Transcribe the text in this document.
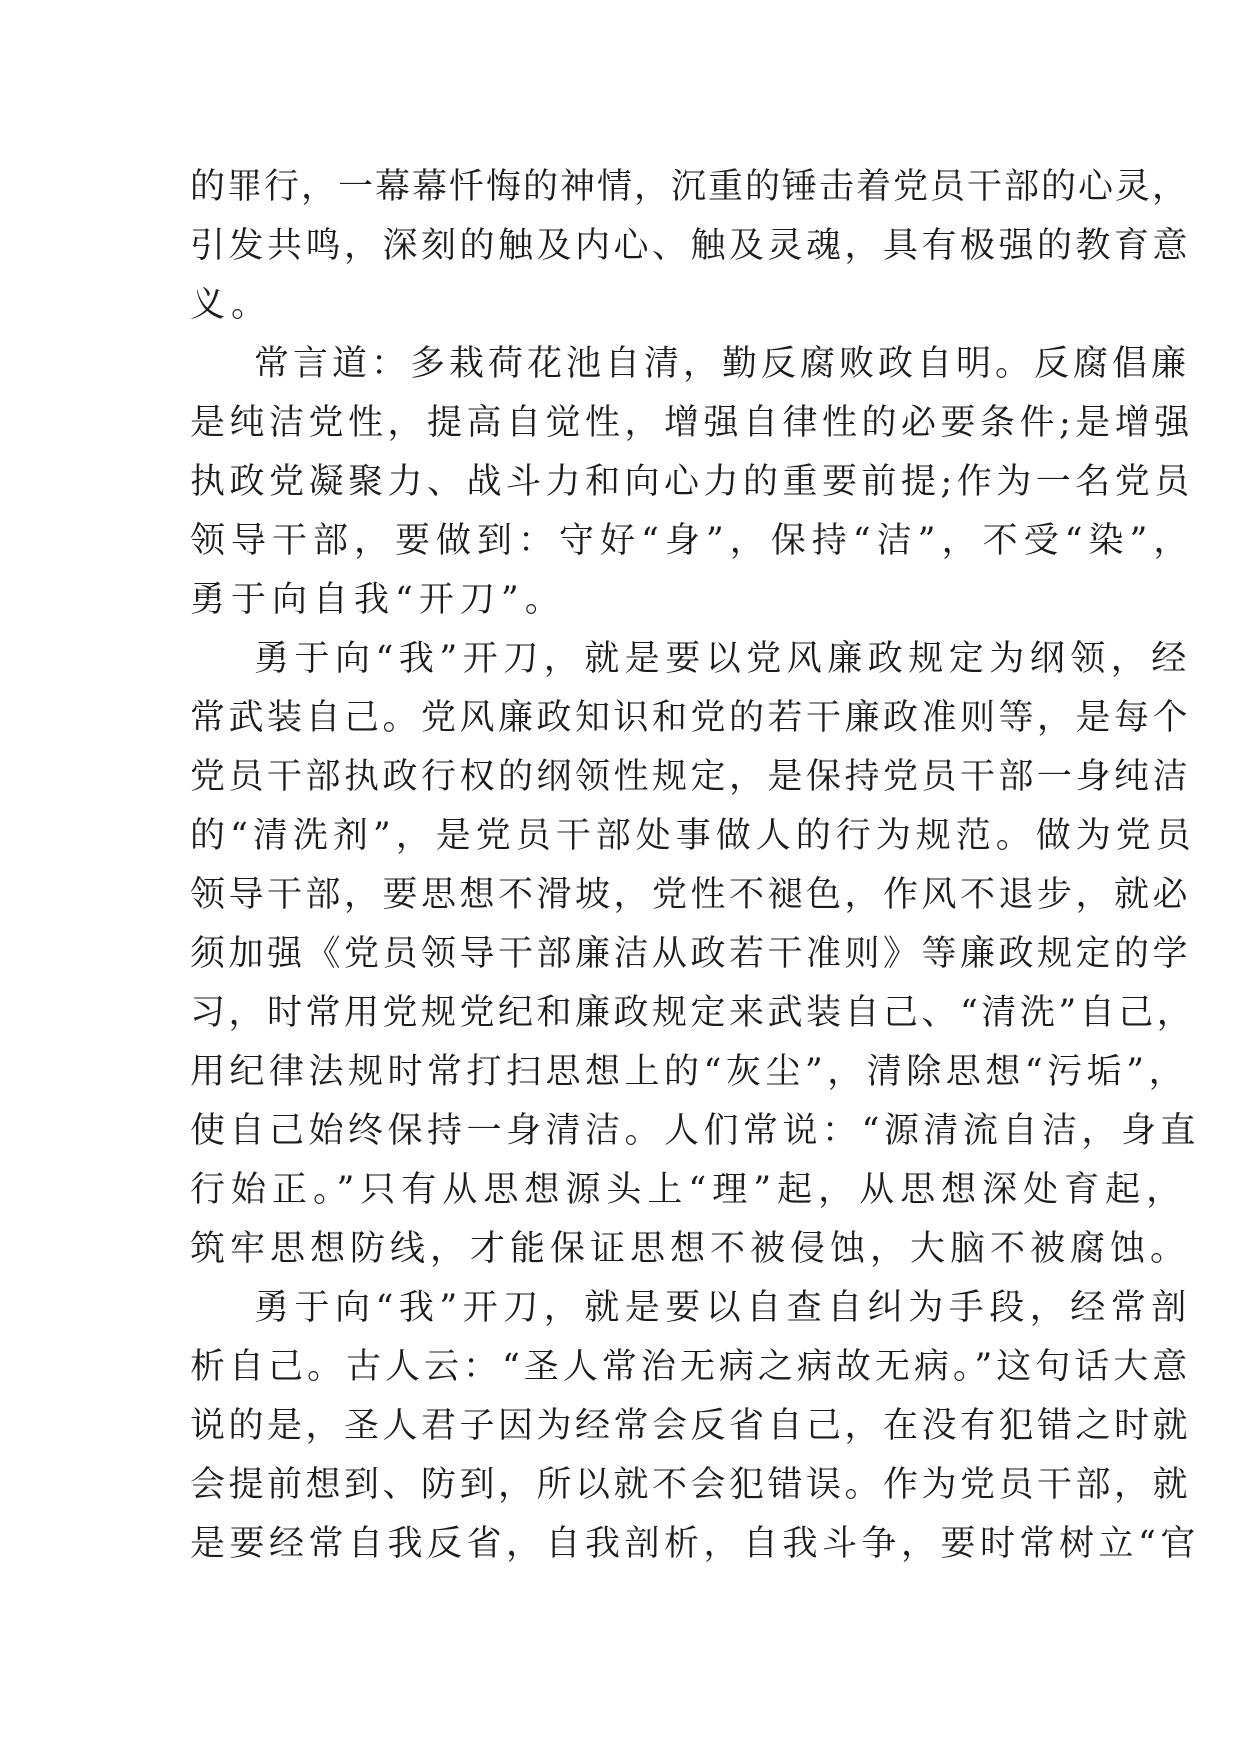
的罪行，一幕幕忏悔的神情，沉重的锤击着党员干部的心灵，
引发共鸣，深刻的触及内心、触及灵魂，具有极强的教育意
义。
常言道：多栽荷花池自清，勤反腐败政自明。反腐倡廉
是纯洁党性，提高自觉性，增强自律性的必要条件;是增强
执政党凝聚力、战斗力和向心力的重要前提;作为一名党员
领导干部，要做到：守好“身”，保持“洁”，不受“染”，
勇于向自我“开刀”。
勇于向“我”开刀，就是要以党风廉政规定为纲领，经
常武装自己。党风廉政知识和党的若干廉政准则等，是每个
党员干部执政行权的纲领性规定，是保持党员干部一身纯洁
的“清洗剂”，是党员干部处事做人的行为规范。做为党员
领导干部，要思想不滑坡，党性不褪色，作风不退步，就必
须加强《党员领导干部廉洁从政若干准则》等廉政规定的学
习，时常用党规党纪和廉政规定来武装自己、“清洗”自己，
用纪律法规时常打扫思想上的“灰尘”，清除思想“污垢”，
使自己始终保持一身清洁。人们常说：“源清流自洁，身直
行始正。”只有从思想源头上“理”起，从思想深处育起，
筑牢思想防线，才能保证思想不被侵蚀，大脑不被腐蚀。
勇于向“我”开刀，就是要以自查自纠为手段，经常剖
析自己。古人云：“圣人常治无病之病故无病。”这句话大意
说的是，圣人君子因为经常会反省自己，在没有犯错之时就
会提前想到、防到，所以就不会犯错误。作为党员干部，就
是要经常自我反省，自我剖析，自我斗争，要时常树立“官
